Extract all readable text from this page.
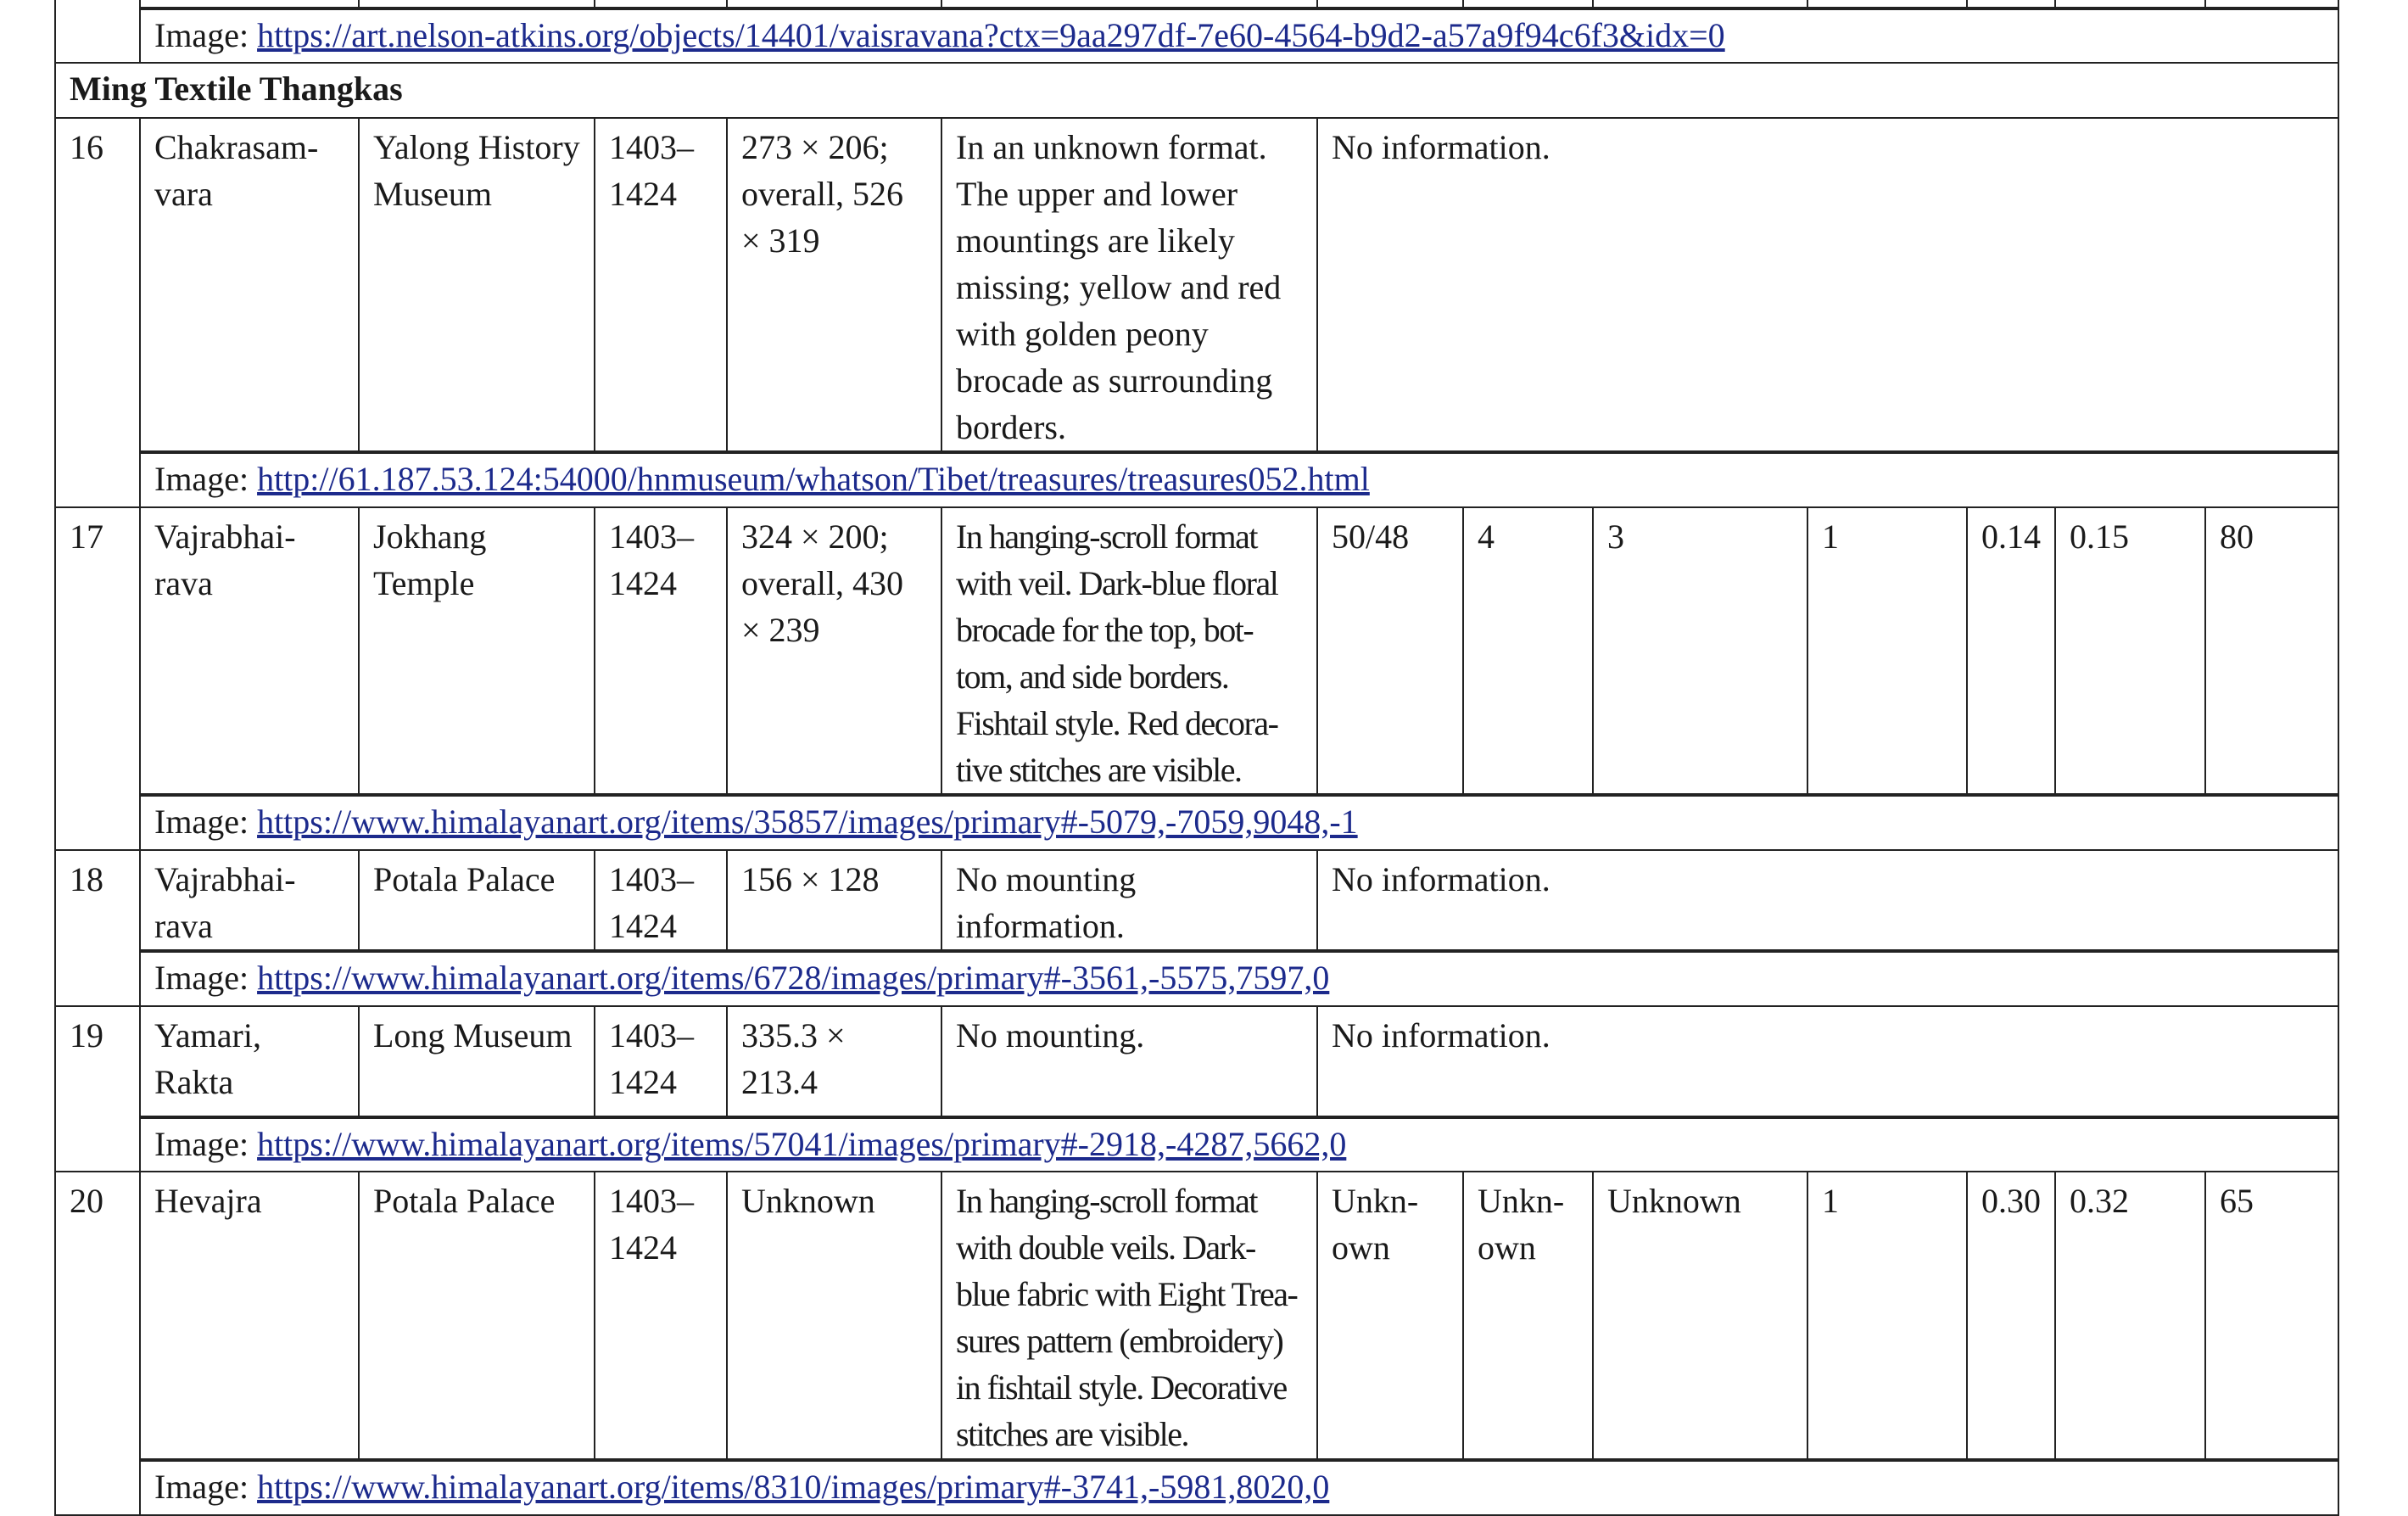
	Image: https://art.nelson-atkins.org/objects/14401/vaisravana?ctx=9aa297df-7e60-4564-b9d2-a57a9f94c6f3&idx=0											
Ming Textile Thangkas												
16	Chakrasam-vara	Yalong History Museum	1403–1424	273 × 206; overall, 526 × 319	In an unknown format. The upper and lower mountings are likely missing; yellow and red with golden peony brocade as surrounding borders.	No information.						
	Image: http://61.187.53.124:54000/hnmuseum/whatson/Tibet/treasures/treasures052.html											
17	Vajrabhai-rava	Jokhang Temple	1403–1424	324 × 200; overall, 430 × 239	In hanging-scroll format with veil. Dark-blue floral brocade for the top, bot-tom, and side borders. Fishtail style. Red decora-tive stitches are visible.	50/48	4	3	1	0.14	0.15	80
	Image: https://www.himalayanart.org/items/35857/images/primary#-5079,-7059,9048,-1											
18	Vajrabhai-rava	Potala Palace	1403–1424	156 × 128	No mounting information.	No information.						
	Image: https://www.himalayanart.org/items/6728/images/primary#-3561,-5575,7597,0											
19	Yamari, Rakta	Long Museum	1403–1424	335.3 × 213.4	No mounting.	No information.						
	Image: https://www.himalayanart.org/items/57041/images/primary#-2918,-4287,5662,0											
20	Hevajra	Potala Palace	1403–1424	Unknown	In hanging-scroll format with double veils. Dark-blue fabric with Eight Trea-sures pattern (embroidery) in fishtail style. Decorative stitches are visible.	Unkn-own	Unkn-own	Unknown	1	0.30	0.32	65
	Image: https://www.himalayanart.org/items/8310/images/primary#-3741,-5981,8020,0											
